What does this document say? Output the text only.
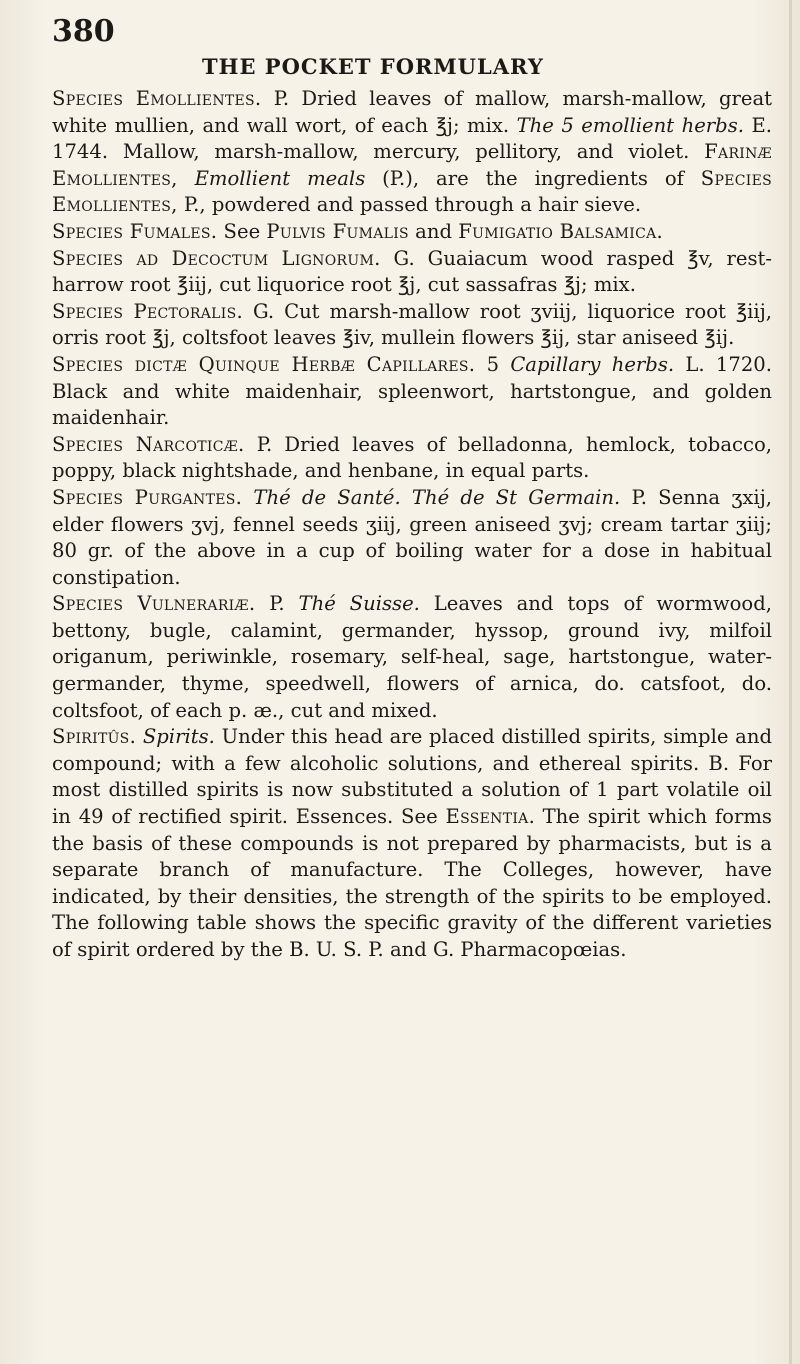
380
THE POCKET FORMULARY

Species Emollientes. P. Dried leaves of mallow, marsh-mallow, great white mullien, and wall wort, of each ℥j; mix. The 5 emollient herbs. E. 1744. Mallow, marsh-mallow, mercury, pellitory, and violet. Farinæ Emollientes, Emollient meals (P.), are the ingredients of Species Emollientes, P., powdered and passed through a hair sieve.

Species Fumales. See Pulvis Fumalis and Fumigatio Balsamica.

Species ad Decoctum Lignorum. G. Guaiacum wood rasped ℥v, rest-harrow root ℥iij, cut liquorice root ℥j, cut sassafras ℥j; mix.

Species Pectoralis. G. Cut marsh-mallow root ʒviij, liquorice root ℥iij, orris root ℥j, coltsfoot leaves ℥iv, mullein flowers ℥ij, star aniseed ℥ij.

Species dictæ Quinque Herbæ Capillares. 5 Capillary herbs. L. 1720. Black and white maidenhair, spleenwort, hartstongue, and golden maidenhair.

Species Narcoticæ. P. Dried leaves of belladonna, hemlock, tobacco, poppy, black nightshade, and henbane, in equal parts.

Species Purgantes. Thé de Santé. Thé de St Germain. P. Senna ʒxij, elder flowers ʒvj, fennel seeds ʒiij, green aniseed ʒvj; cream tartar ʒiij; 80 gr. of the above in a cup of boiling water for a dose in habitual constipation.

Species Vulnerariæ. P. Thé Suisse. Leaves and tops of wormwood, bettony, bugle, calamint, germander, hyssop, ground ivy, milfoil origanum, periwinkle, rosemary, self-heal, sage, hartstongue, water-germander, thyme, speedwell, flowers of arnica, do. catsfoot, do. coltsfoot, of each p. æ., cut and mixed.

Spiritûs. Spirits. Under this head are placed distilled spirits, simple and compound; with a few alcoholic solutions, and ethereal spirits. B. For most distilled spirits is now substituted a solution of 1 part volatile oil in 49 of rectified spirit. Essences. See Essentia. The spirit which forms the basis of these compounds is not prepared by pharmacists, but is a separate branch of manufacture. The Colleges, however, have indicated, by their densities, the strength of the spirits to be employed. The following table shows the specific gravity of the different varieties of spirit ordered by the B. U. S. P. and G. Pharmacopœias.
